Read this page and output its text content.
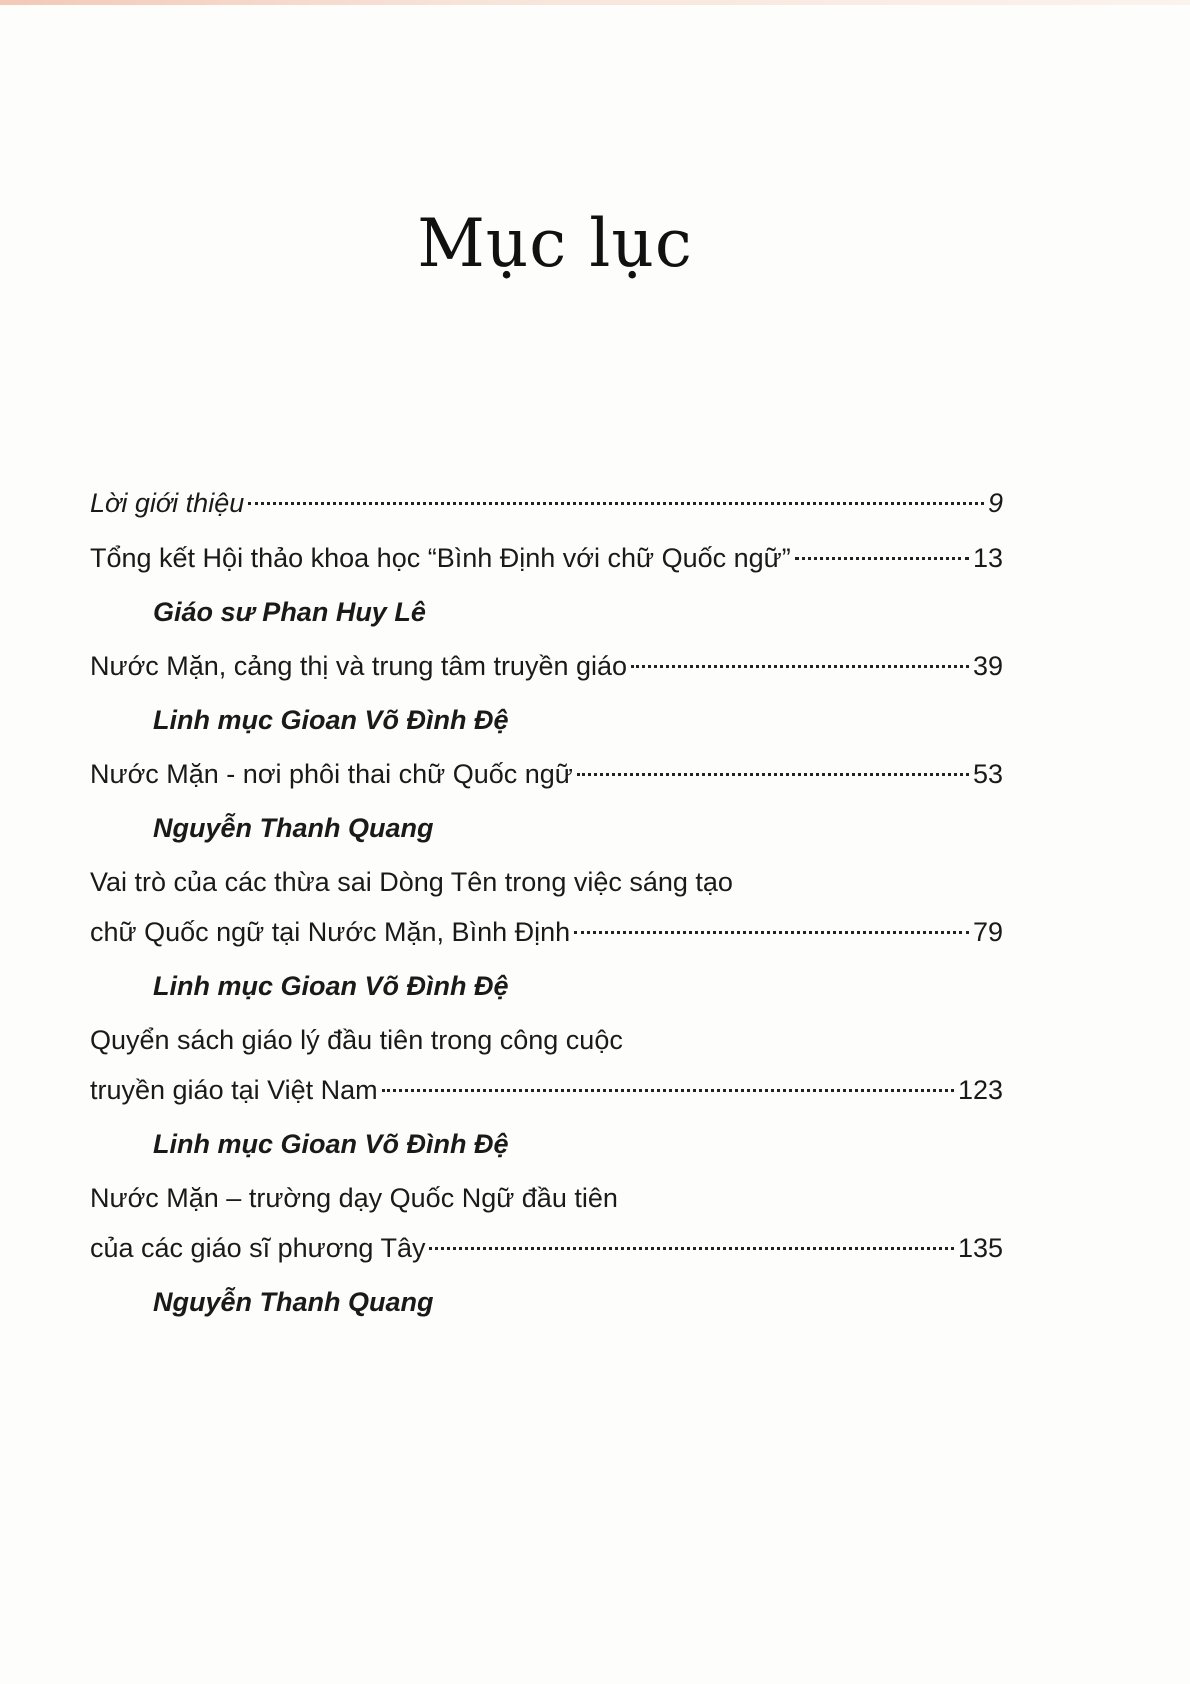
Mục lục
Lời giới thiệu	9
Tổng kết Hội thảo khoa học “Bình Định với chữ Quốc ngữ”	13
Giáo sư Phan Huy Lê
Nước Mặn, cảng thị và trung tâm truyền giáo	39
Linh mục Gioan Võ Đình Đệ
Nước Mặn - nơi phôi thai chữ Quốc ngữ	53
Nguyễn Thanh Quang
Vai trò của các thừa sai Dòng Tên trong việc sáng tạo
chữ Quốc ngữ tại Nước Mặn, Bình Định	79
Linh mục Gioan Võ Đình Đệ
Quyển sách giáo lý đầu tiên trong công cuộc
truyền giáo tại Việt Nam	123
Linh mục Gioan Võ Đình Đệ
Nước Mặn – trường dạy Quốc Ngữ đầu tiên
của các giáo sĩ phương Tây	135
Nguyễn Thanh Quang
